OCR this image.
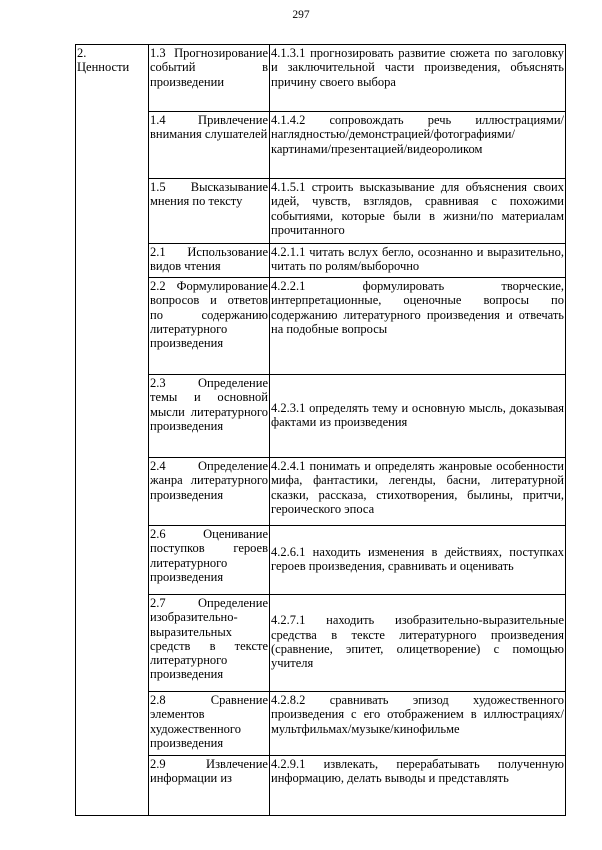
297
2.
Ценности	1.3 Прогнозирование событий в произведении	4.1.3.1 прогнозировать развитие сюжета по заголовку и заключительной части произведения, объяснять причину своего выбора
	1.4 Привлечение внимания слушателей	4.1.4.2 сопровождать речь иллюстрациями/наглядностью/демонстрацией/фотографиями/картинами/презентацией/видеороликом
	1.5 Высказывание мнения по тексту	4.1.5.1 строить высказывание для объяснения своих идей, чувств, взглядов, сравнивая с похожими событиями, которые были в жизни/по материалам прочитанного
	2.1 Использование видов чтения	4.2.1.1 читать вслух бегло, осознанно и выразительно, читать по ролям/выборочно
	2.2 Формулирование вопросов и ответов по содержанию литературного произведения	4.2.2.1 формулировать творческие, интерпретационные, оценочные вопросы по содержанию литературного произведения и отвечать на подобные вопросы
	2.3 Определение темы и основной мысли литературного произведения	4.2.3.1 определять тему и основную мысль, доказывая фактами из произведения
	2.4 Определение жанра литературного произведения	4.2.4.1 понимать и определять жанровые особенности мифа, фантастики, легенды, басни, литературной сказки, рассказа, стихотворения, былины, притчи, героического эпоса
	2.6 Оценивание поступков героев литературного произведения	4.2.6.1 находить изменения в действиях, поступках героев произведения, сравнивать и оценивать
	2.7 Определение изобразительно-выразительных средств в тексте литературного произведения	4.2.7.1 находить изобразительно-выразительные средства в тексте литературного произведения (сравнение, эпитет, олицетворение) с помощью учителя
	2.8 Сравнение элементов художественного произведения	4.2.8.2 сравнивать эпизод художественного произведения с его отображением в иллюстрациях/мультфильмах/музыке/кинофильме
	2.9 Извлечение информации из	4.2.9.1 извлекать, перерабатывать полученную информацию, делать выводы и представлять
